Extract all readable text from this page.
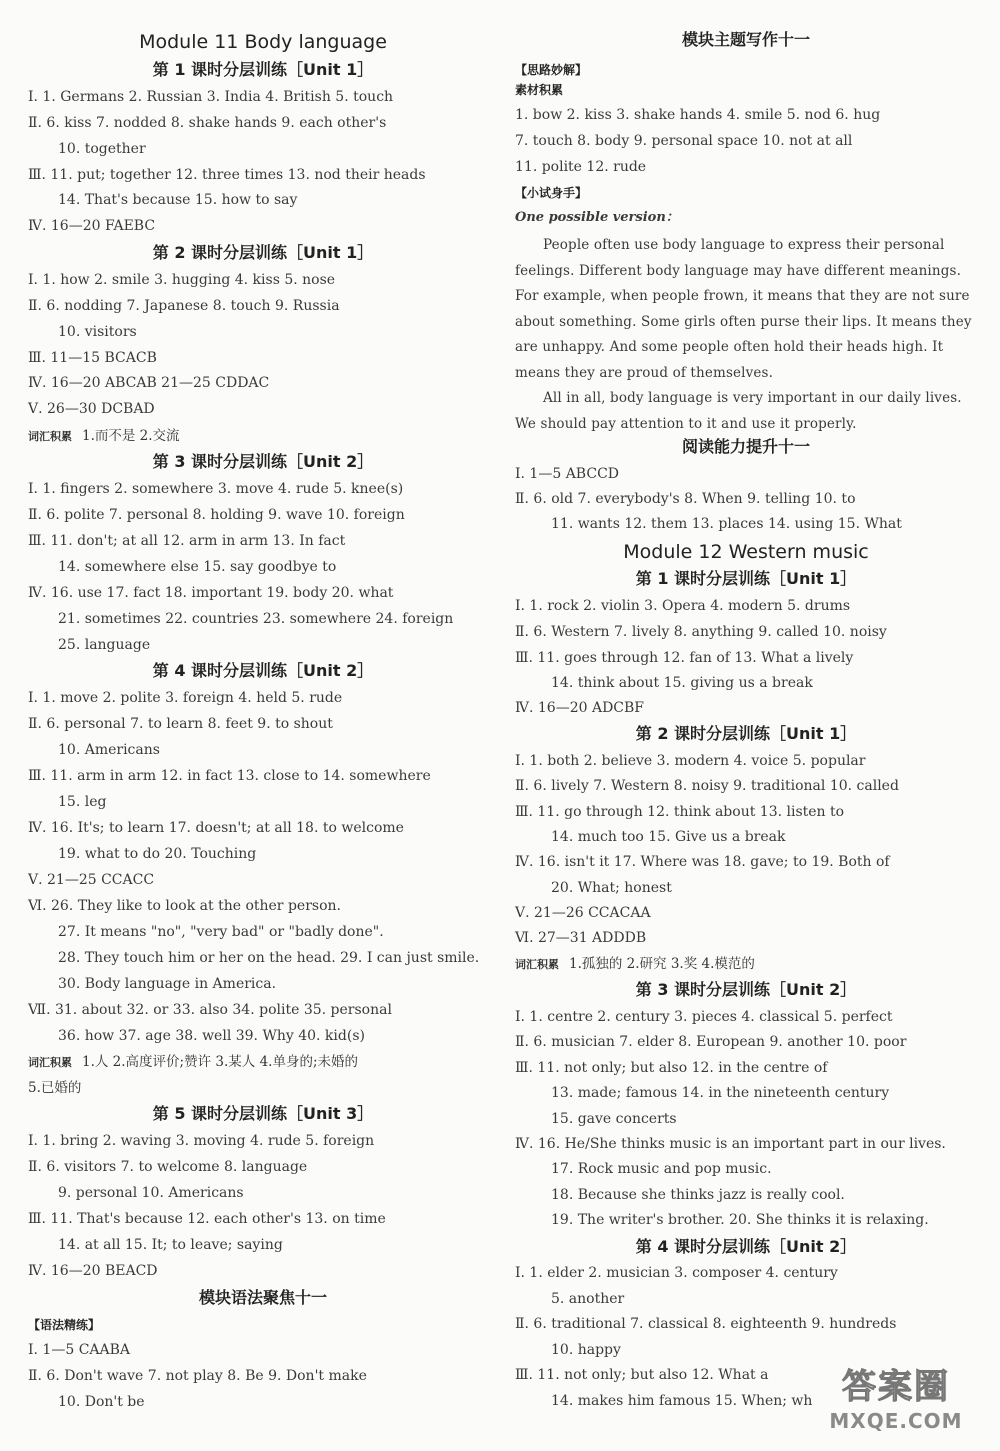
Module 11 Body language
第 1 课时分层训练［Unit 1］
Ⅰ. 1. Germans 2. Russian 3. India 4. British 5. touch
Ⅱ. 6. kiss 7. nodded 8. shake hands 9. each other's
10. together
Ⅲ. 11. put; together 12. three times 13. nod their heads
14. That's because 15. how to say
Ⅳ. 16—20 FAEBC
第 2 课时分层训练［Unit 1］
Ⅰ. 1. how 2. smile 3. hugging 4. kiss 5. nose
Ⅱ. 6. nodding 7. Japanese 8. touch 9. Russia
10. visitors
Ⅲ. 11—15 BCACB
Ⅳ. 16—20 ABCAB 21—25 CDDAC
Ⅴ. 26—30 DCBAD
词汇积累 1.而不是 2.交流
第 3 课时分层训练［Unit 2］
Ⅰ. 1. fingers 2. somewhere 3. move 4. rude 5. knee(s)
Ⅱ. 6. polite 7. personal 8. holding 9. wave 10. foreign
Ⅲ. 11. don't; at all 12. arm in arm 13. In fact
14. somewhere else 15. say goodbye to
Ⅳ. 16. use 17. fact 18. important 19. body 20. what
21. sometimes 22. countries 23. somewhere 24. foreign
25. language
第 4 课时分层训练［Unit 2］
Ⅰ. 1. move 2. polite 3. foreign 4. held 5. rude
Ⅱ. 6. personal 7. to learn 8. feet 9. to shout
10. Americans
Ⅲ. 11. arm in arm 12. in fact 13. close to 14. somewhere
15. leg
Ⅳ. 16. It's; to learn 17. doesn't; at all 18. to welcome
19. what to do 20. Touching
Ⅴ. 21—25 CCACC
Ⅵ. 26. They like to look at the other person.
27. It means "no", "very bad" or "badly done".
28. They touch him or her on the head. 29. I can just smile.
30. Body language in America.
Ⅶ. 31. about 32. or 33. also 34. polite 35. personal
36. how 37. age 38. well 39. Why 40. kid(s)
词汇积累 1.人 2.高度评价;赞许 3.某人 4.单身的;未婚的
5.已婚的
第 5 课时分层训练［Unit 3］
Ⅰ. 1. bring 2. waving 3. moving 4. rude 5. foreign
Ⅱ. 6. visitors 7. to welcome 8. language
9. personal 10. Americans
Ⅲ. 11. That's because 12. each other's 13. on time
14. at all 15. It; to leave; saying
Ⅳ. 16—20 BEACD
模块语法聚焦十一
【语法精练】
Ⅰ. 1—5 CAABA
Ⅱ. 6. Don't wave 7. not play 8. Be 9. Don't make
10. Don't be
模块主题写作十一
【思路妙解】
素材积累
1. bow 2. kiss 3. shake hands 4. smile 5. nod 6. hug
7. touch 8. body 9. personal space 10. not at all
11. polite 12. rude
【小试身手】
One possible version：
People often use body language to express their personal feelings. Different body language may have different meanings. For example, when people frown, it means that they are not sure about something. Some girls often purse their lips. It means they are unhappy. And some people often hold their heads high. It means they are proud of themselves.
All in all, body language is very important in our daily lives. We should pay attention to it and use it properly.
阅读能力提升十一
Ⅰ. 1—5 ABCCD
Ⅱ. 6. old 7. everybody's 8. When 9. telling 10. to
11. wants 12. them 13. places 14. using 15. What
Module 12 Western music
第 1 课时分层训练［Unit 1］
Ⅰ. 1. rock 2. violin 3. Opera 4. modern 5. drums
Ⅱ. 6. Western 7. lively 8. anything 9. called 10. noisy
Ⅲ. 11. goes through 12. fan of 13. What a lively
14. think about 15. giving us a break
Ⅳ. 16—20 ADCBF
第 2 课时分层训练［Unit 1］
Ⅰ. 1. both 2. believe 3. modern 4. voice 5. popular
Ⅱ. 6. lively 7. Western 8. noisy 9. traditional 10. called
Ⅲ. 11. go through 12. think about 13. listen to
14. much too 15. Give us a break
Ⅳ. 16. isn't it 17. Where was 18. gave; to 19. Both of
20. What; honest
Ⅴ. 21—26 CCACAA
Ⅵ. 27—31 ADDDB
词汇积累 1.孤独的 2.研究 3.奖 4.模范的
第 3 课时分层训练［Unit 2］
Ⅰ. 1. centre 2. century 3. pieces 4. classical 5. perfect
Ⅱ. 6. musician 7. elder 8. European 9. another 10. poor
Ⅲ. 11. not only; but also 12. in the centre of
13. made; famous 14. in the nineteenth century
15. gave concerts
Ⅳ. 16. He/She thinks music is an important part in our lives.
17. Rock music and pop music.
18. Because she thinks jazz is really cool.
19. The writer's brother. 20. She thinks it is relaxing.
第 4 课时分层训练［Unit 2］
Ⅰ. 1. elder 2. musician 3. composer 4. century
5. another
Ⅱ. 6. traditional 7. classical 8. eighteenth 9. hundreds
10. happy
Ⅲ. 11. not only; but also 12. What a
14. makes him famous 15. When; wh 答案圈
MXQE.COM
